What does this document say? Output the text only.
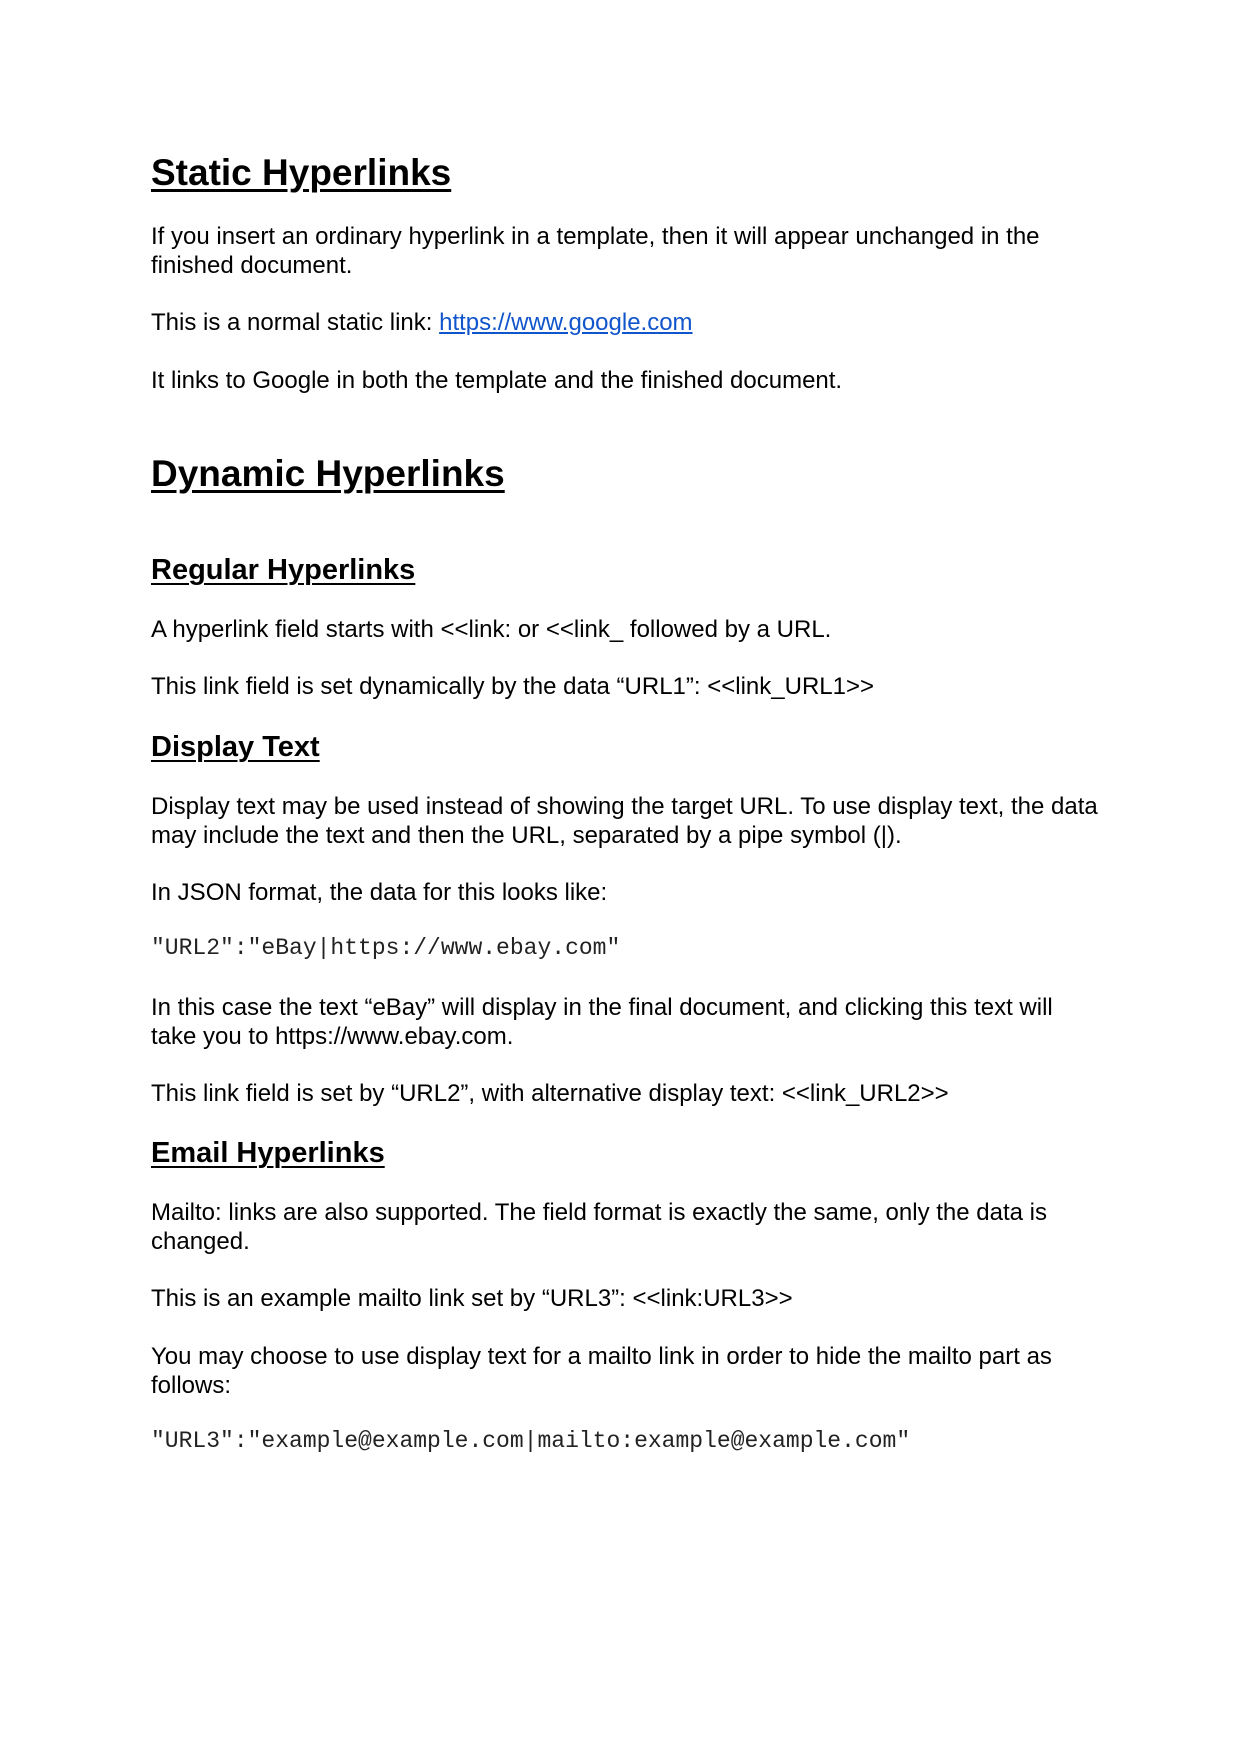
Static Hyperlinks

If you insert an ordinary hyperlink in a template, then it will appear unchanged in the finished document.

This is a normal static link: https://www.google.com

It links to Google in both the template and the finished document.

Dynamic Hyperlinks
Regular Hyperlinks

A hyperlink field starts with <<link: or <<link_ followed by a URL.

This link field is set dynamically by the data “URL1”: <<link_URL1>>

Display Text

Display text may be used instead of showing the target URL. To use display text, the data may include the text and then the URL, separated by a pipe symbol (|).

In JSON format, the data for this looks like:

"URL2":"eBay|https://www.ebay.com"

In this case the text “eBay” will display in the final document, and clicking this text will take you to https://www.ebay.com.

This link field is set by “URL2”, with alternative display text: <<link_URL2>>

Email Hyperlinks

Mailto: links are also supported. The field format is exactly the same, only the data is changed.

This is an example mailto link set by “URL3”: <<link:URL3>>

You may choose to use display text for a mailto link in order to hide the mailto part as follows:

"URL3":"example@example.com|mailto:example@example.com"
